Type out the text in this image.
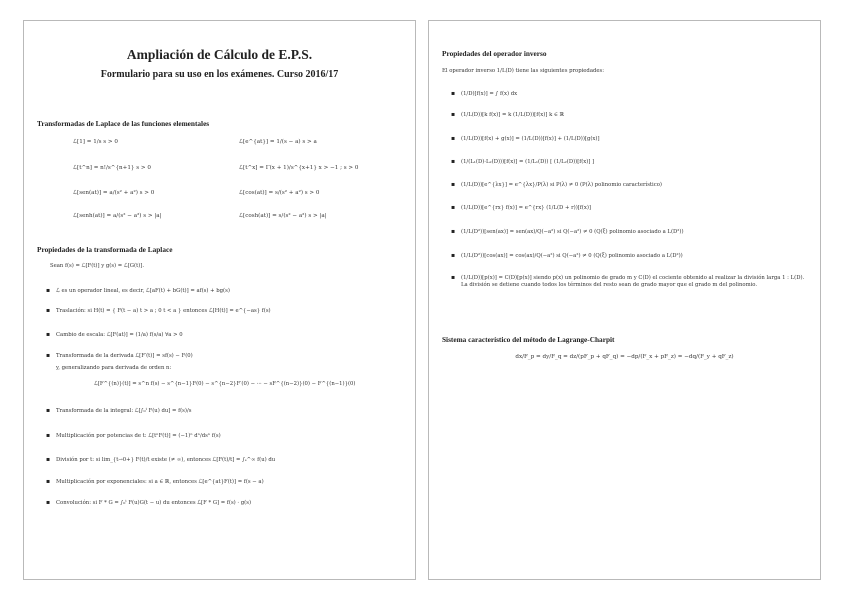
Ampliación de Cálculo de E.P.S.
Formulario para su uso en los exámenes. Curso 2016/17
Transformadas de Laplace de las funciones elementales
ℒ[1] = 1/s s > 0	ℒ[e^{at}] = 1/(s − a) s > a
ℒ[t^n] = n!/s^{n+1} s > 0	ℒ[t^x] = Γ(x + 1)/s^{x+1} x > −1 ; s > 0
ℒ[sen(at)] = a/(s² + a²) s > 0	ℒ[cos(at)] = s/(s² + a²) s > 0
ℒ[senh(at)] = a/(s² − a²) s > |a|	ℒ[cosh(at)] = s/(s² − a²) s > |a|
Propiedades de la transformada de Laplace
Sean f(s) = ℒ[F(t)] y g(s) = ℒ[G(t)].
▪ ℒ es un operador lineal, es decir, ℒ[aF(t) + bG(t)] = af(s) + bg(s)
▪ Traslación: si H(t) = { F(t − a) t > a ; 0 t < a } entonces ℒ[H(t)] = e^{−as} f(s)
▪ Cambio de escala: ℒ[F(at)] = (1/a) f(s/a) ∀a > 0
▪ Transformada de la derivada ℒ[F′(t)] = sf(s) − F(0)
y, generalizando para derivada de orden n:
ℒ[F^{(n)}(t)] = s^n f(s) − s^{n−1}F(0) − s^{n−2}F′(0) − ··· − sF^{(n−2)}(0) − F^{(n−1)}(0)
▪ Transformada de la integral: ℒ[∫₀ᵗ F(u) du] = f(s)/s
▪ Multiplicación por potencias de t: ℒ[tⁿF(t)] = (−1)ⁿ dⁿ/dsⁿ f(s)
▪ División por t: si lim_{t→0+} F(t)/t existe (≠ ∞), entonces ℒ[F(t)/t] = ∫ₛ^∞ f(u) du
▪ Multiplicación por exponenciales: si a ∈ ℝ, entonces ℒ[e^{at}F(t)] = f(s − a)
▪ Convolución: si F * G = ∫₀ᵗ F(u)G(t − u) du entonces ℒ[F * G] = f(s) · g(s)
Propiedades del operador inverso
El operador inverso 1/L(D) tiene las siguientes propiedades:
▪ (1/D)[f(x)] = ∫ f(x) dx
▪ (1/L(D))[k f(x)] = k (1/L(D))[f(x)] k ∈ ℝ
▪ (1/L(D))[f(x) + g(x)] = (1/L(D))[f(x)] + (1/L(D))[g(x)]
▪ (1/(L₁(D)·L₂(D)))[f(x)] = (1/L₁(D)) [ (1/L₂(D))[f(x)] ]
▪ (1/L(D))[e^{λx}] = e^{λx}/P(λ) si P(λ) ≠ 0 (P(λ) polinomio característico)
▪ (1/L(D))[e^{rx} f(x)] = e^{rx} (1/L(D + r))[f(x)]
▪ (1/L(D²))[sen(ax)] = sen(ax)/Q(−a²) si Q(−a²) ≠ 0 (Q(ξ) polinomio asociado a L(D²))
▪ (1/L(D²))[cos(ax)] = cos(ax)/Q(−a²) si Q(−a²) ≠ 0 (Q(ξ) polinomio asociado a L(D²))
▪ (1/L(D))[p(x)] = C(D)[p(x)] siendo p(x) un polinomio de grado m y C(D) el cociente obtenido al realizar la división larga 1 : L(D). La división se detiene cuando todos los términos del resto sean de grado mayor que el grado m del polinomio.
Sistema característico del método de Lagrange-Charpit
dx/F_p = dy/F_q = dz/(pF_p + qF_q) = −dp/(F_x + pF_z) = −dq/(F_y + qF_z)
